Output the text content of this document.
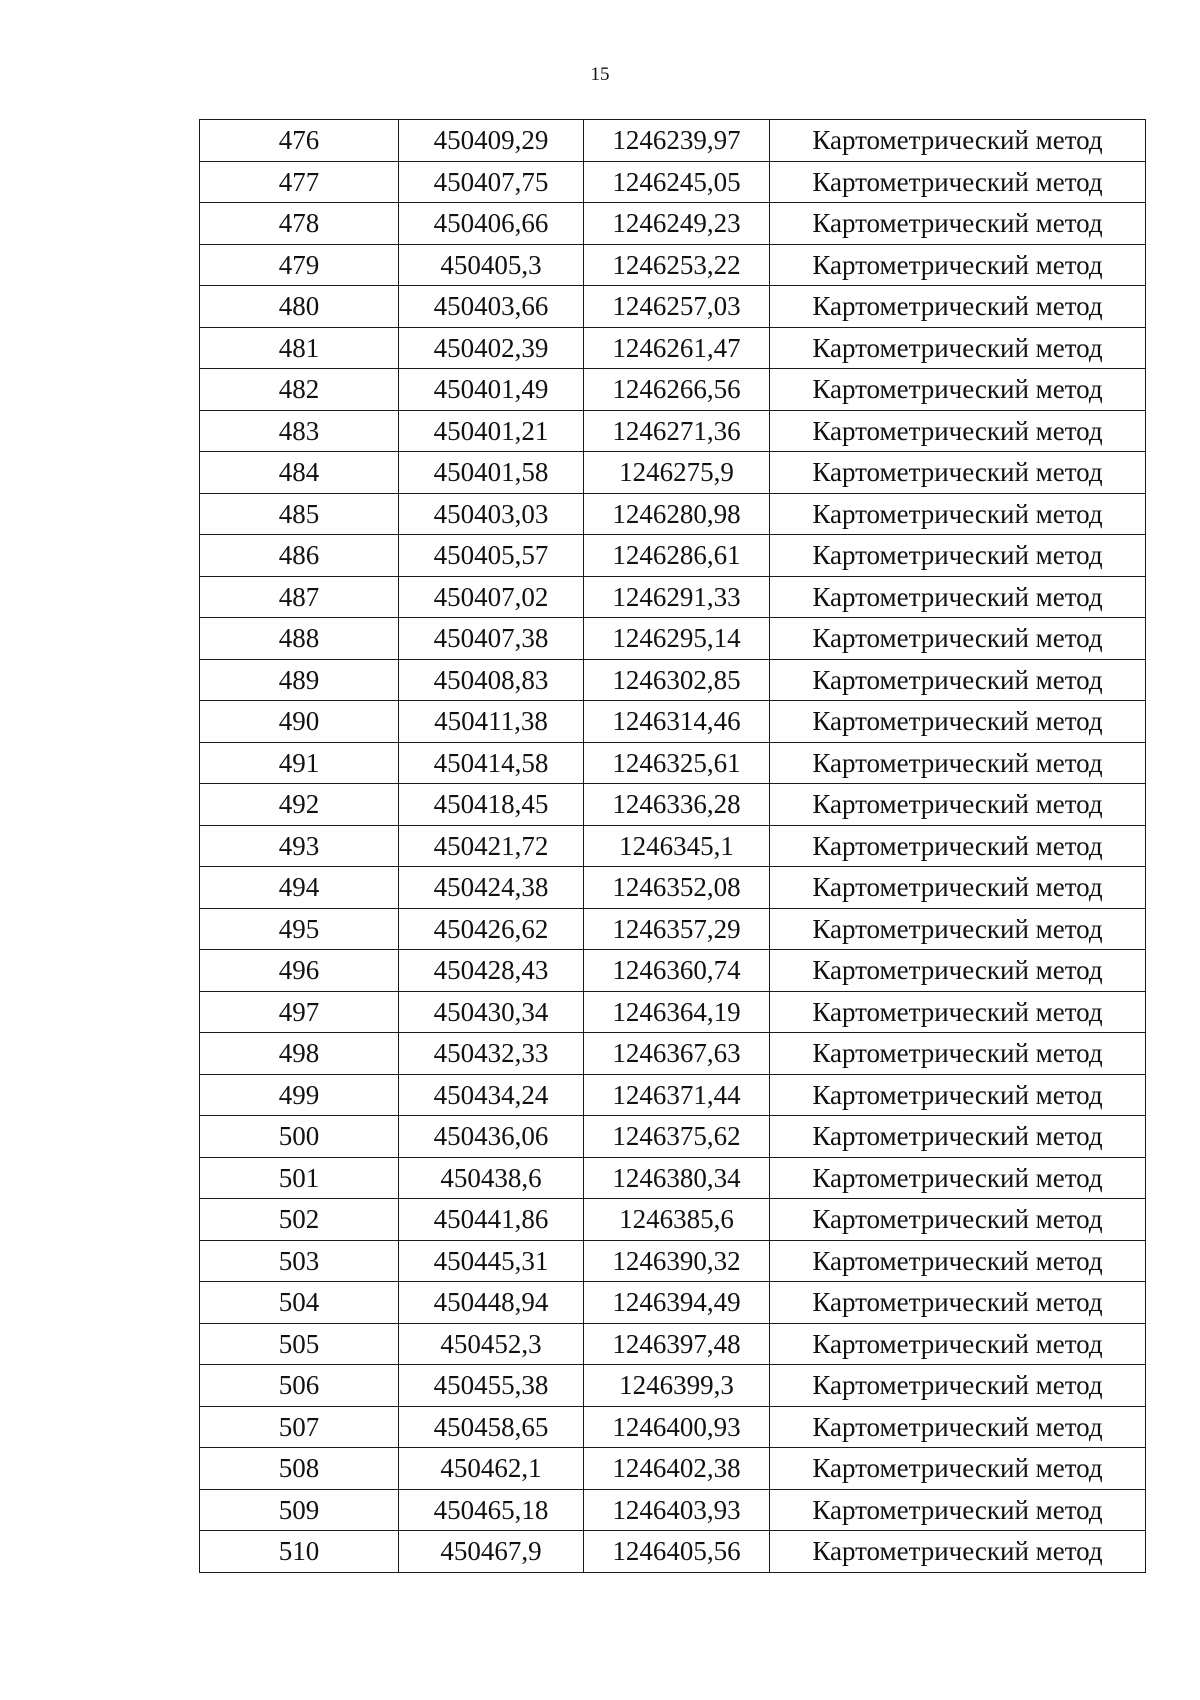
15
476	450409,29	1246239,97	Картометрический метод
477	450407,75	1246245,05	Картометрический метод
478	450406,66	1246249,23	Картометрический метод
479	450405,3	1246253,22	Картометрический метод
480	450403,66	1246257,03	Картометрический метод
481	450402,39	1246261,47	Картометрический метод
482	450401,49	1246266,56	Картометрический метод
483	450401,21	1246271,36	Картометрический метод
484	450401,58	1246275,9	Картометрический метод
485	450403,03	1246280,98	Картометрический метод
486	450405,57	1246286,61	Картометрический метод
487	450407,02	1246291,33	Картометрический метод
488	450407,38	1246295,14	Картометрический метод
489	450408,83	1246302,85	Картометрический метод
490	450411,38	1246314,46	Картометрический метод
491	450414,58	1246325,61	Картометрический метод
492	450418,45	1246336,28	Картометрический метод
493	450421,72	1246345,1	Картометрический метод
494	450424,38	1246352,08	Картометрический метод
495	450426,62	1246357,29	Картометрический метод
496	450428,43	1246360,74	Картометрический метод
497	450430,34	1246364,19	Картометрический метод
498	450432,33	1246367,63	Картометрический метод
499	450434,24	1246371,44	Картометрический метод
500	450436,06	1246375,62	Картометрический метод
501	450438,6	1246380,34	Картометрический метод
502	450441,86	1246385,6	Картометрический метод
503	450445,31	1246390,32	Картометрический метод
504	450448,94	1246394,49	Картометрический метод
505	450452,3	1246397,48	Картометрический метод
506	450455,38	1246399,3	Картометрический метод
507	450458,65	1246400,93	Картометрический метод
508	450462,1	1246402,38	Картометрический метод
509	450465,18	1246403,93	Картометрический метод
510	450467,9	1246405,56	Картометрический метод
